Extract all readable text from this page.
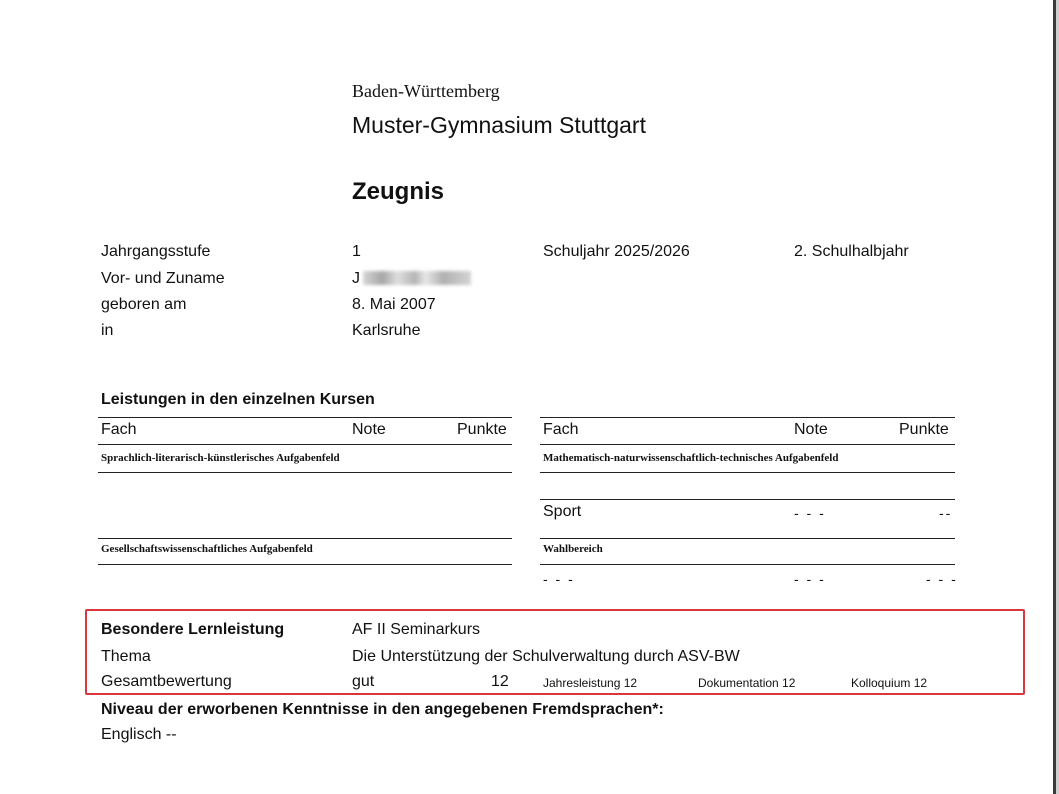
Baden-Württemberg
Muster-Gymnasium Stuttgart
Zeugnis
Jahrgangsstufe	1	Schuljahr 2025/2026	2. Schulhalbjahr
Vor- und Zuname	J
geboren am	8. Mai 2007
in	Karlsruhe
Leistungen in den einzelnen Kursen
Fach	Note	Punkte
Sprachlich-literarisch-künstlerisches Aufgabenfeld
Gesellschaftswissenschaftliches Aufgabenfeld
Fach	Note	Punkte
Mathematisch-naturwissenschaftlich-technisches Aufgabenfeld
Sport	- - -	--
Wahlbereich
- - -	- - -	- - -
Besondere Lernleistung	AF II Seminarkurs
Thema	Die Unterstützung der Schulverwaltung durch ASV-BW
Gesamtbewertung	gut	12	Jahresleistung 12	Dokumentation 12	Kolloquium 12
Niveau der erworbenen Kenntnisse in den angegebenen Fremdsprachen*:
Englisch --
